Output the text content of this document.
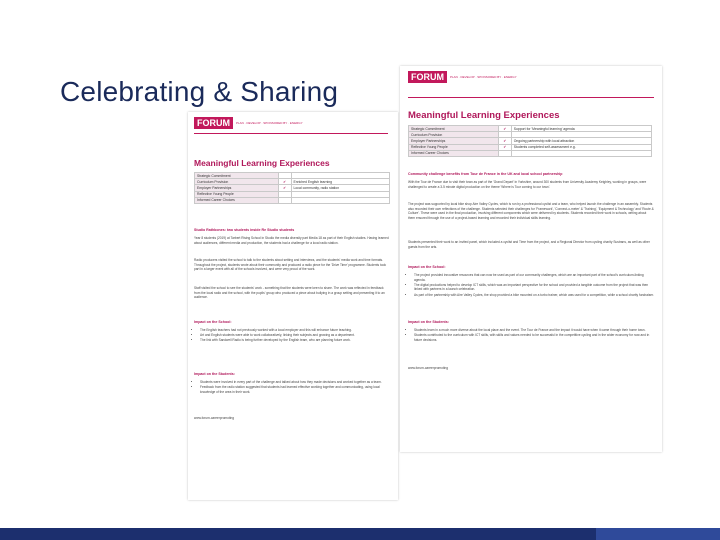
Celebrating & Sharing
FORUM	PLAN · DEVELOP · SPONSORED BY · ENERGY
Meaningful Learning Experiences
Strategic Commitment		
Curriculum Provision	✔	Enriched English learning
Employer Partnerships	✔	Local community, radio station
Reflective Young People		
Informed Career Choices		
Studio Rathbones: two students inside Re Studio students
Year 8 students (2019) at Tarbert Rising School in Studio the media diversity part Media 18 as part of their English studies. Having learned about audiences, different media and production, the students had a challenge for a local radio station.
Radio producers visited the school to talk to the students about setting and interviews, and the students' media work and time formats. Throughout the project, students wrote about their community and produced a radio piece for the 'Drive Time' programme. Students took part in a larger event with all of the schools involved, and were very proud of the work.
Staff visited the school to see the students' work - something that the students were keen to share. The work was reflected in feedback from the local radio and the school, with the pupils' group who produced a piece about bullying in a group setting and presenting it to an audience.
Impact on the School:
• The English teachers had not previously worked with a local employer and this will enhance future teaching.
• Art and English students were able to work collaboratively, linking their subjects and growing as a department.
• The link with Sandwell Radio is being further developed by the English team, who are planning future work.
Impact on the Students:
• Students were involved in every part of the challenge and talked about how they made decisions and worked together as a team.
• Feedback from the radio station suggested that students had learned effective working together and communicating, using local knowledge of the area in their work.
www.forum-careerpromoting
FORUM	PLAN · DEVELOP · SPONSORED BY · ENERGY
Meaningful Learning Experiences
Strategic Commitment	✔	Support for 'Meaningful learning' agenda
Curriculum Provision		
Employer Partnerships	✔	Ongoing partnership with local attraction
Reflective Young People	✔	Students completed self-assessment e.g.
Informed Career Choices		
Community challenge benefits from Tour de France in the UK and local school partnership
With the Tour de France due to visit their town as part of the 'Grand Depart' in Yorkshire, around 300 students from University Academy Keighley, working in groups, were challenged to create a 3-5 minute digital production on the theme 'Where is Tour coming to our town'.
The project was supported by local bike shop Aire Valley Cycles, which is run by a professional cyclist and a team, who helped launch the challenge in an assembly. Students also recorded their own reflections of the challenge. Students selected their challenges for 'Framework', 'Connect-o-meter' & 'Training', 'Equipment & Technology' and 'Route & Culture'. These were used in the final production, involving different components which were delivered by students. Students recorded their work in schools, writing about them ensured through the use of a project-based learning and recorded their individual skills learning.
Students presented their work to an invited panel, which included a cyclist and Time from the project, and a Regional Director from cycling charity Sustrans, as well as other guests from the arts.
Impact on the School:
• The project provided innovative resources that can now be used as part of our community challenges, which are an important part of the school's curriculum-linking agenda.
• The digital productions helped to develop ICT skills, which was an important perspective for the school and provided a tangible outcome from the project that was then linked with partners in a launch celebration.
• As part of the partnership with Aire Valley Cycles, the shop provided a bike mounted on a turbo trainer, which was used for a competition, while a school charity fundraiser.
Impact on the Students:
• Students learn in a much more diverse about the local place and the event. The Tour de France and the impact it would have when it came through their home town.
• Students contributed to the curriculum with ICT skills, with skills and values needed to be successful in the competitive cycling and in the wider economy for now and in future decisions.
www.forum-careerpromoting
